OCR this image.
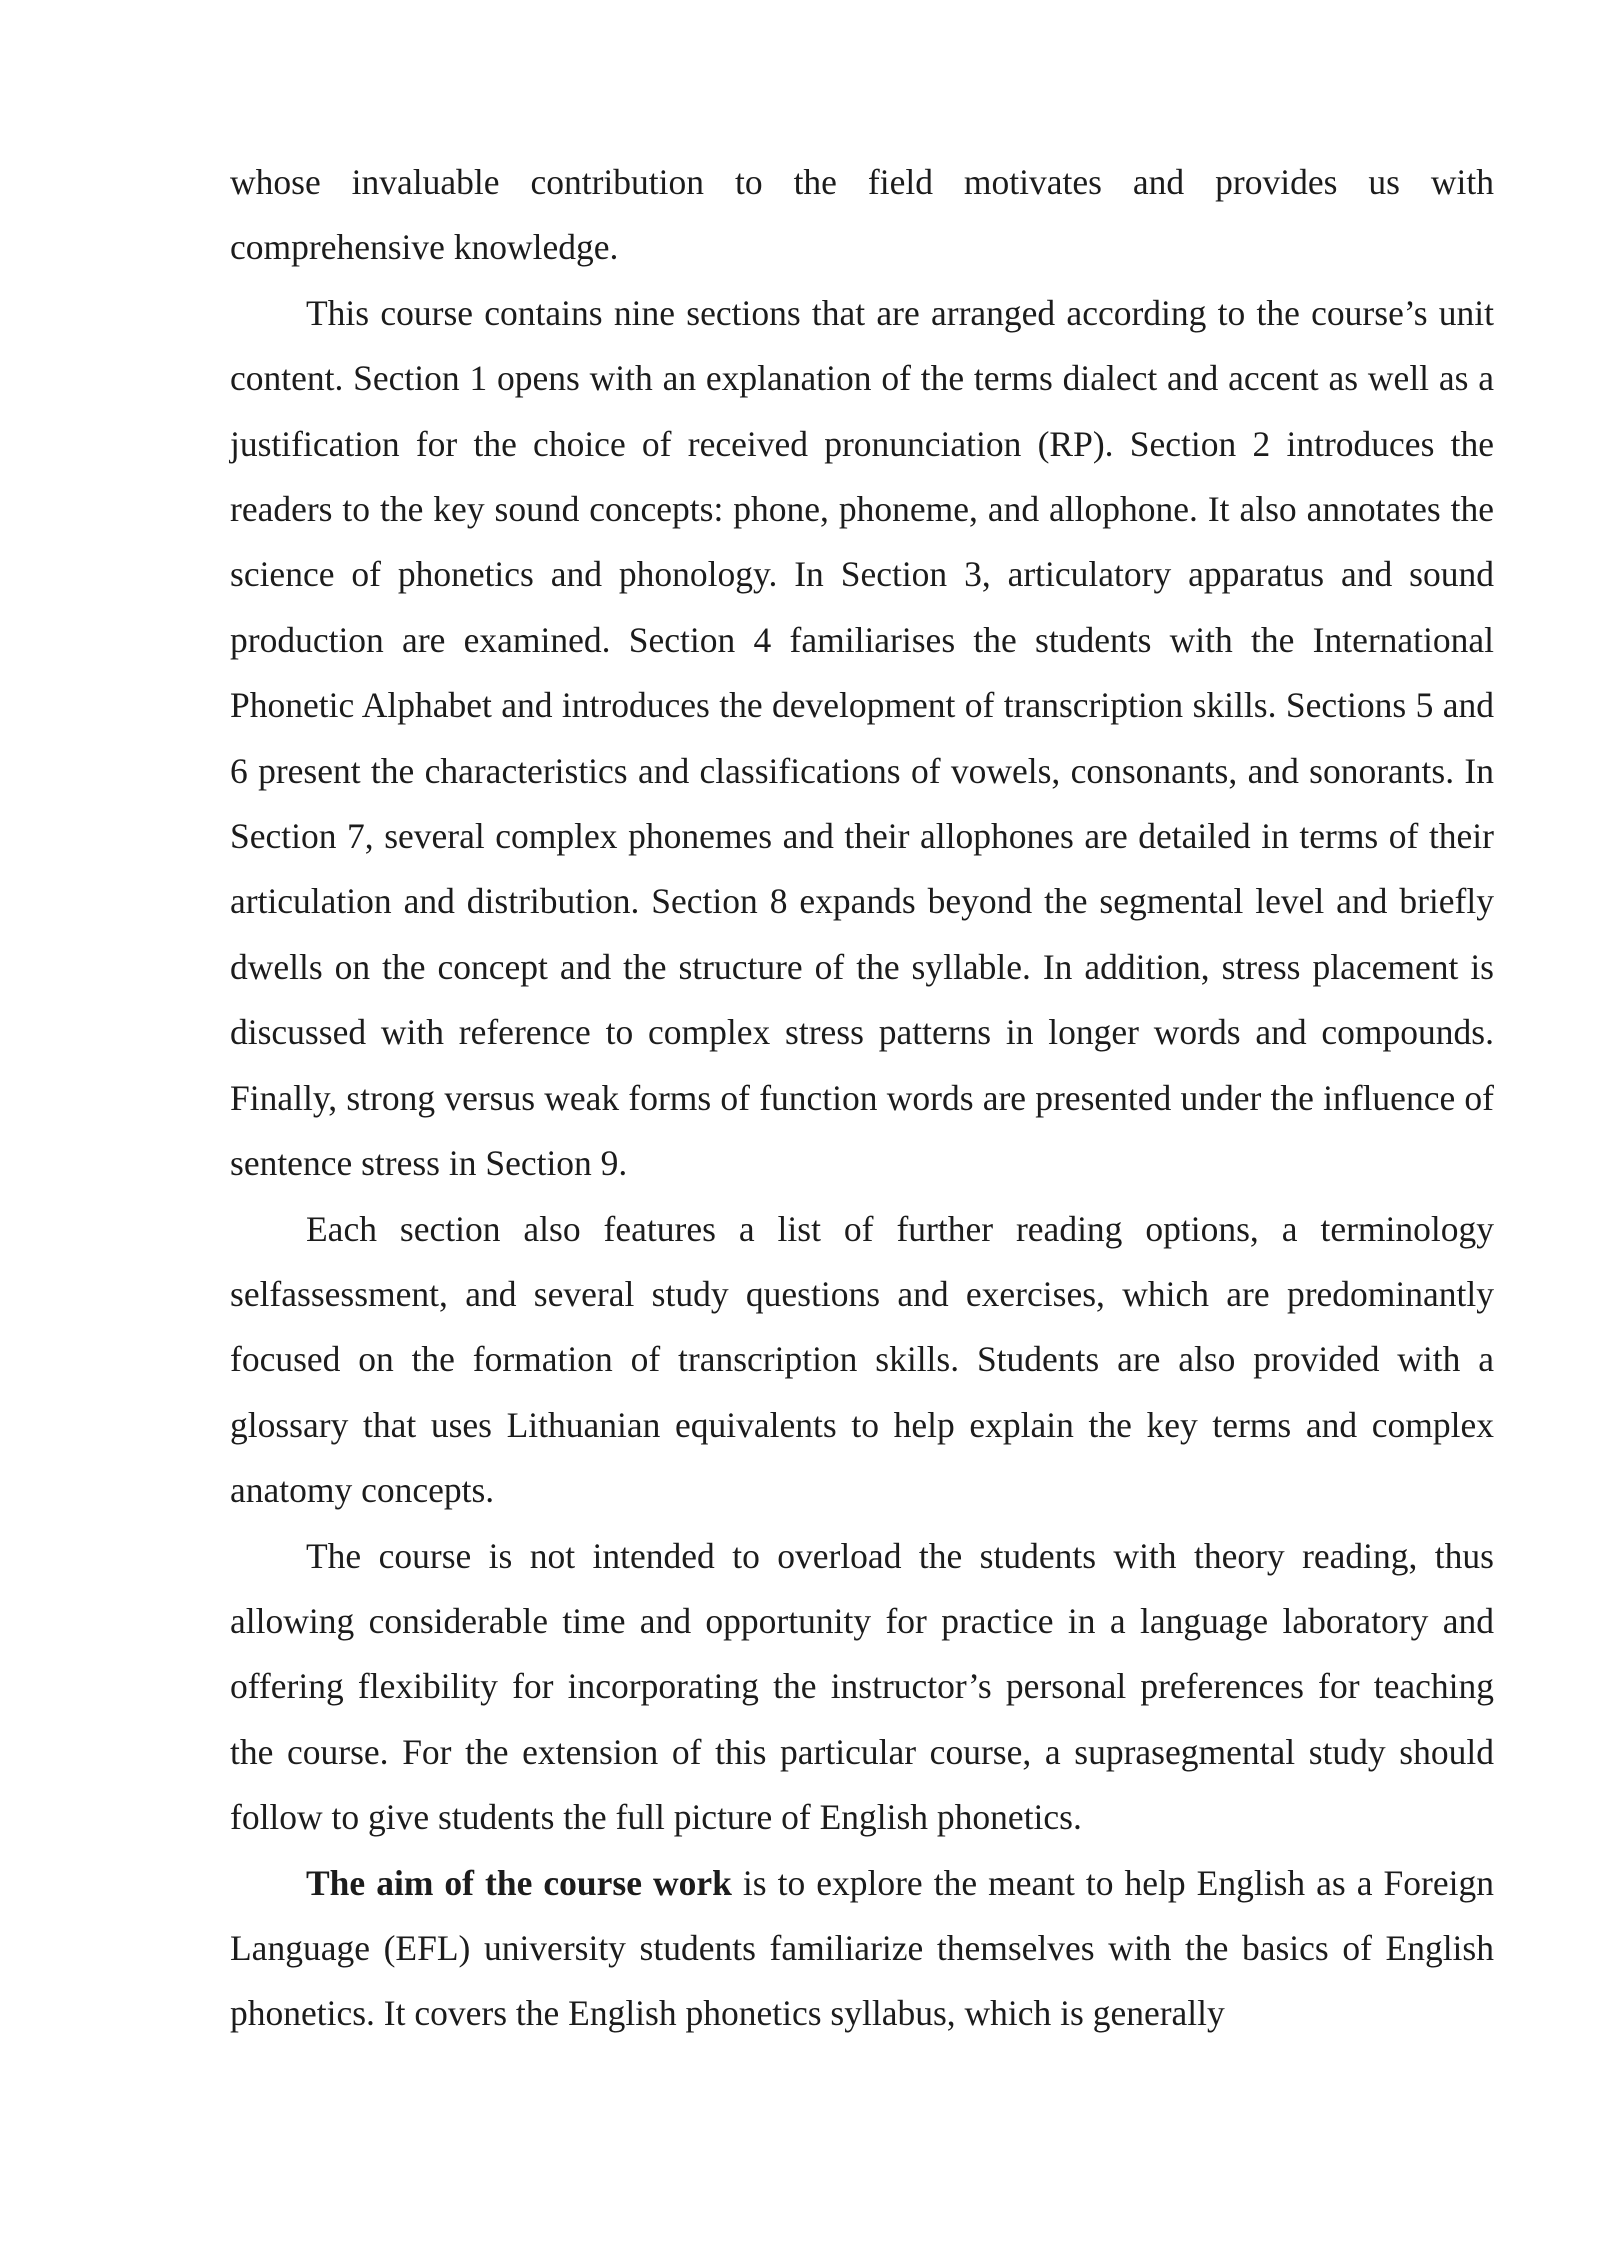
whose invaluable contribution to the field motivates and provides us with comprehensive knowledge.

This course contains nine sections that are arranged according to the course’s unit content. Section 1 opens with an explanation of the terms dialect and accent as well as a justification for the choice of received pronunciation (RP). Section 2 introduces the readers to the key sound concepts: phone, phoneme, and allophone. It also annotates the science of phonetics and phonology. In Section 3, articulatory apparatus and sound production are examined. Section 4 familiarises the students with the International Phonetic Alphabet and introduces the development of transcription skills. Sections 5 and 6 present the characteristics and classifications of vowels, consonants, and sonorants. In Section 7, several complex phonemes and their allophones are detailed in terms of their articulation and distribution. Section 8 expands beyond the segmental level and briefly dwells on the concept and the structure of the syllable. In addition, stress placement is discussed with reference to complex stress patterns in longer words and compounds. Finally, strong versus weak forms of function words are presented under the influence of sentence stress in Section 9.

Each section also features a list of further reading options, a terminology selfassessment, and several study questions and exercises, which are predominantly focused on the formation of transcription skills. Students are also provided with a glossary that uses Lithuanian equivalents to help explain the key terms and complex anatomy concepts.

The course is not intended to overload the students with theory reading, thus allowing considerable time and opportunity for practice in a language laboratory and offering flexibility for incorporating the instructor’s personal preferences for teaching the course. For the extension of this particular course, a suprasegmental study should follow to give students the full picture of English phonetics.

The aim of the course work is to explore the meant to help English as a Foreign Language (EFL) university students familiarize themselves with the basics of English phonetics. It covers the English phonetics syllabus, which is generally
